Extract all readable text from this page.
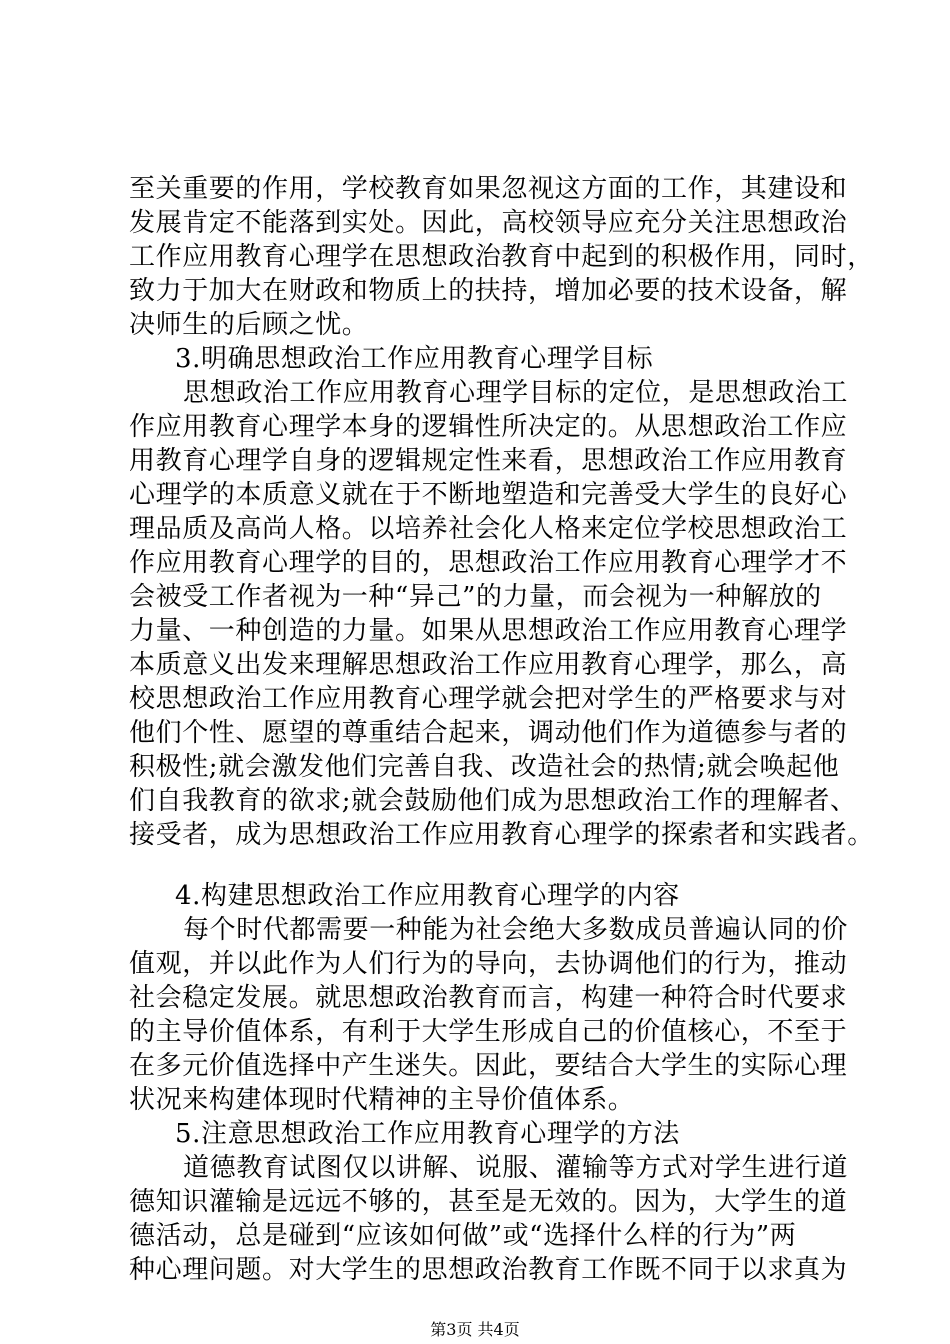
至关重要的作用，学校教育如果忽视这方面的工作，其建设和
发展肯定不能落到实处。因此，高校领导应充分关注思想政治
工作应用教育心理学在思想政治教育中起到的积极作用，同时，
致力于加大在财政和物质上的扶持，增加必要的技术设备，解
决师生的后顾之忧。
3.明确思想政治工作应用教育心理学目标
思想政治工作应用教育心理学目标的定位，是思想政治工
作应用教育心理学本身的逻辑性所决定的。从思想政治工作应
用教育心理学自身的逻辑规定性来看，思想政治工作应用教育
心理学的本质意义就在于不断地塑造和完善受大学生的良好心
理品质及高尚人格。以培养社会化人格来定位学校思想政治工
作应用教育心理学的目的，思想政治工作应用教育心理学才不
会被受工作者视为一种“异己”的力量，而会视为一种解放的
力量、一种创造的力量。如果从思想政治工作应用教育心理学
本质意义出发来理解思想政治工作应用教育心理学，那么，高
校思想政治工作应用教育心理学就会把对学生的严格要求与对
他们个性、愿望的尊重结合起来，调动他们作为道德参与者的
积极性;就会激发他们完善自我、改造社会的热情;就会唤起他
们自我教育的欲求;就会鼓励他们成为思想政治工作的理解者、
接受者，成为思想政治工作应用教育心理学的探索者和实践者。
4.构建思想政治工作应用教育心理学的内容
每个时代都需要一种能为社会绝大多数成员普遍认同的价
值观，并以此作为人们行为的导向，去协调他们的行为，推动
社会稳定发展。就思想政治教育而言，构建一种符合时代要求
的主导价值体系，有利于大学生形成自己的价值核心，不至于
在多元价值选择中产生迷失。因此，要结合大学生的实际心理
状况来构建体现时代精神的主导价值体系。
5.注意思想政治工作应用教育心理学的方法
道德教育试图仅以讲解、说服、灌输等方式对学生进行道
德知识灌输是远远不够的，甚至是无效的。因为，大学生的道
德活动，总是碰到“应该如何做”或“选择什么样的行为”两
种心理问题。对大学生的思想政治教育工作既不同于以求真为
第3页 共4页
